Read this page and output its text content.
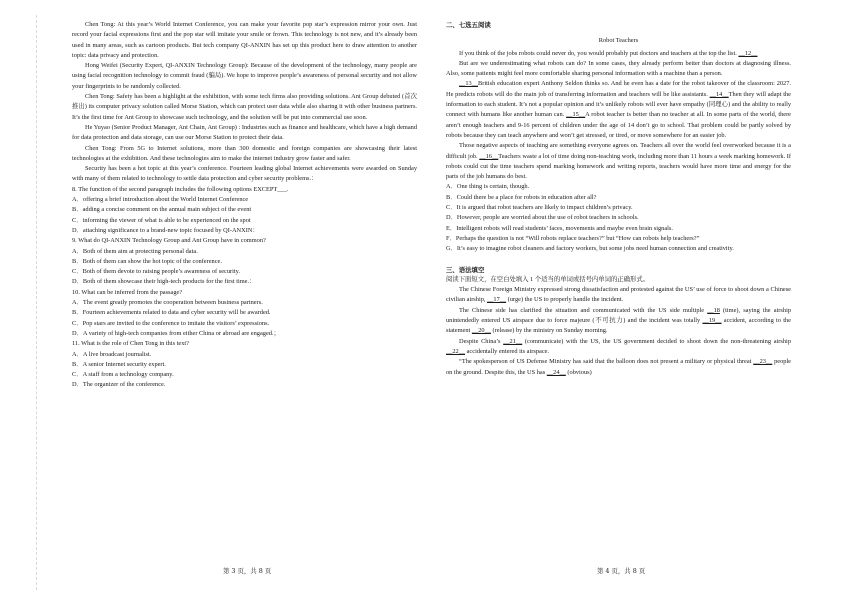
Chen Tong: At this year’s World Internet Conference, you can make your favorite pop star’s expression mirror your own. Just record your facial expressions first and the pop star will imitate your smile or frown. This technology is not new, and it’s already been used in many areas, such as cartoon products. But tech company QI-ANXIN has set up this product here to draw attention to another topic: data privacy and protection.

Hong Weifei (Security Expert, QI-ANXIN Technology Group): Because of the development of the technology, many people are using facial recognition technology to commit fraud (骗局). We hope to improve people’s awareness of personal security and not allow your fingerprints to be randomly collected.

Chen Tong: Safety has been a highlight at the exhibition, with some tech firms also providing solutions. Ant Group debuted (首次推出) its computer privacy solution called Morse Station, which can protect user data while also sharing it with other business partners. It’s the first time for Ant Group to showcase such technology, and the solution will be put into commercial use soon.

He Yuyao (Senior Product Manager, Ant Chain, Ant Group) : Industries such as finance and healthcare, which have a high demand for data protection and data storage, can use our Morse Station to protect their data.

Chen Tong: From 5G to Internet solutions, more than 300 domestic and foreign companies are showcasing their latest technologies at the exhibition. And these technologies aim to make the internet industry grow faster and safer.

Security has been a hot topic at this year’s conference. Fourteen leading global Internet achievements were awarded on Sunday with many of them related to technology to settle data protection and cyber security problems.：

8. The function of the second paragraph includes the following options EXCEPT___.

A．offering a brief introduction about the World Internet Conference

B．adding a concise comment on the annual main subject of the event

C．informing the viewer of what is able to be experienced on the spot

D．attaching significance to a brand-new topic focused by QI-ANXIN：

9. What do QI-ANXIN Technology Group and Ant Group have in common?

A．Both of them aim at protecting personal data.

B．Both of them can show the hot topic of the conference.

C．Both of them devote to raising people’s awareness of security.

D．Both of them showcase their high-tech products for the first time.：

10. What can be inferred from the passage?

A．The event greatly promotes the cooperation between business partners.

B．Fourteen achievements related to data and cyber security will be awarded.

C．Pop stars are invited to the conference to imitate the visitors’ expressions.

D．A variety of high-tech companies from either China or abroad are engaged.；

11. What is the role of Chen Tong in this text?

A．A live broadcast journalist.

B．A senior Internet security expert.

C．A staff from a technology company.

D．The organizer of the conference.

二、七选五阅读

Robot Teachers

If you think of the jobs robots could never do, you would probably put doctors and teachers at the top the list. __12__

But are we underestimating what robots can do? In some cases, they already perform better than doctors at diagnosing illness. Also, some patients might feel more comfortable sharing personal information with a machine than a person.

__13__British education expert Anthony Seldon thinks so. And he even has a date for the robot takeover of the classroom: 2027. He predicts robots will do the main job of transferring information and teachers will be like assistants. __14__Then they will adapt the information to each student. It’s not a popular opinion and it’s unlikely robots will ever have empathy (同理心) and the ability to really connect with humans like another human can. __15__A robot teacher is better than no teacher at all. In some parts of the world, there aren’t enough teachers and 9-16 percent of children under the age of 14 don’t go to school. That problem could be partly solved by robots because they can teach anywhere and won’t get stressed, or tired, or move somewhere for an easier job.

Those negative aspects of teaching are something everyone agrees on. Teachers all over the world feel overworked because it is a difficult job. __16__Teachers waste a lot of time doing non-teaching work, including more than 11 hours a week marking homework. If robots could cut the time teachers spend marking homework and writing reports, teachers would have more time and energy for the parts of the job humans do best.

A．One thing is certain, though.

B．Could there be a place for robots in education after all?

C．It is argued that robot teachers are likely to impact children’s privacy.

D．However, people are worried about the use of robot teachers in schools.

E．Intelligent robots will read students’ faces, movements and maybe even brain signals.

F．Perhaps the question is not “Will robots replace teachers?” but “How can robots help teachers?”

G．It’s easy to imagine robot cleaners and factory workers, but some jobs need human connection and creativity.

三、语法填空

阅读下面短文，在空白处填入 1 个适当的单词或括号内单词的正确形式。

The Chinese Foreign Ministry expressed strong dissatisfaction and protested against the US’ use of force to shoot down a Chinese civilian airship, __17__ (urge) the US to properly handle the incident.

The Chinese side has clarified the situation and communicated with the US side multiple __18 (time), saying the airship unintendedly entered US airspace due to force majeure (不可抗力) and the incident was totally __19__ accident, according to the statement __20__ (release) by the ministry on Sunday morning.

Despite China’s __21__ (communicate) with the US, the US government decided to shoot down the non-threatening airship __22__ accidentally entered its airspace.

“The spokesperson of US Defense Ministry has said that the balloon does not present a military or physical threat __23__ people on the ground. Despite this, the US has __24__ (obvious)

第 3 页，共 8 页	第 4 页，共 8 页
